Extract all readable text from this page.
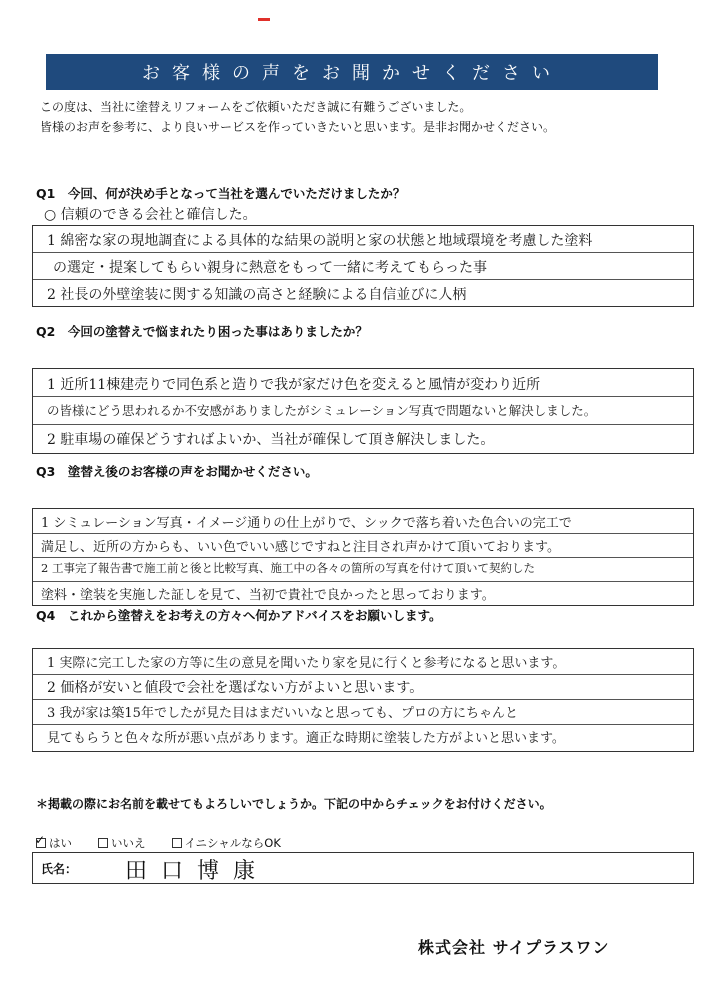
お客様の声をお聞かせください
この度は、当社に塗替えリフォームをご依頼いただき誠に有難うございました。
皆様のお声を参考に、より良いサービスを作っていきたいと思います。是非お聞かせください。
Q1　今回、何が決め手となって当社を選んでいただけましたか？
○ 信頼のできる会社と確信した。
1 綿密な家の現地調査による具体的な結果の説明と家の状態と地域環境を考慮した塗料
の選定・提案してもらい親身に熱意をもって一緒に考えてもらった事
2 社長の外壁塗装に関する知識の高さと経験による自信並びに人柄
Q2　今回の塗替えで悩まれたり困った事はありましたか？
1 近所11棟建売りで同色系と造りで我が家だけ色を変えると風情が変わり近所
の皆様にどう思われるか不安感がありましたがシミュレーション写真で問題ないと解決しました。
2 駐車場の確保どうすればよいか、当社が確保して頂き解決しました。
Q3　塗替え後のお客様の声をお聞かせください。
1 シミュレーション写真・イメージ通りの仕上がりで、シックで落ち着いた色合いの完工で
満足し、近所の方からも、いい色でいい感じですねと注目され声かけて頂いております。
2 工事完了報告書で施工前と後と比較写真、施工中の各々の箇所の写真を付けて頂いて契約した
塗料・塗装を実施した証しを見て、当初で貴社で良かったと思っております。
Q4　これから塗替えをお考えの方々へ何かアドバイスをお願いします。
1 実際に完工した家の方等に生の意見を聞いたり家を見に行くと参考になると思います。
2 価格が安いと値段で会社を選ばない方がよいと思います。
3 我が家は築15年でしたが見た目はまだいいなと思っても、プロの方にちゃんと
見てもらうと色々な所が悪い点があります。適正な時期に塗装した方がよいと思います。
＊掲載の際にお名前を載せてもよろしいでしょうか。下記の中からチェックをお付けください。
✓
はい	いいえ	イニシャルならOK
氏名： 田口博康
株式会社 サイプラスワン
